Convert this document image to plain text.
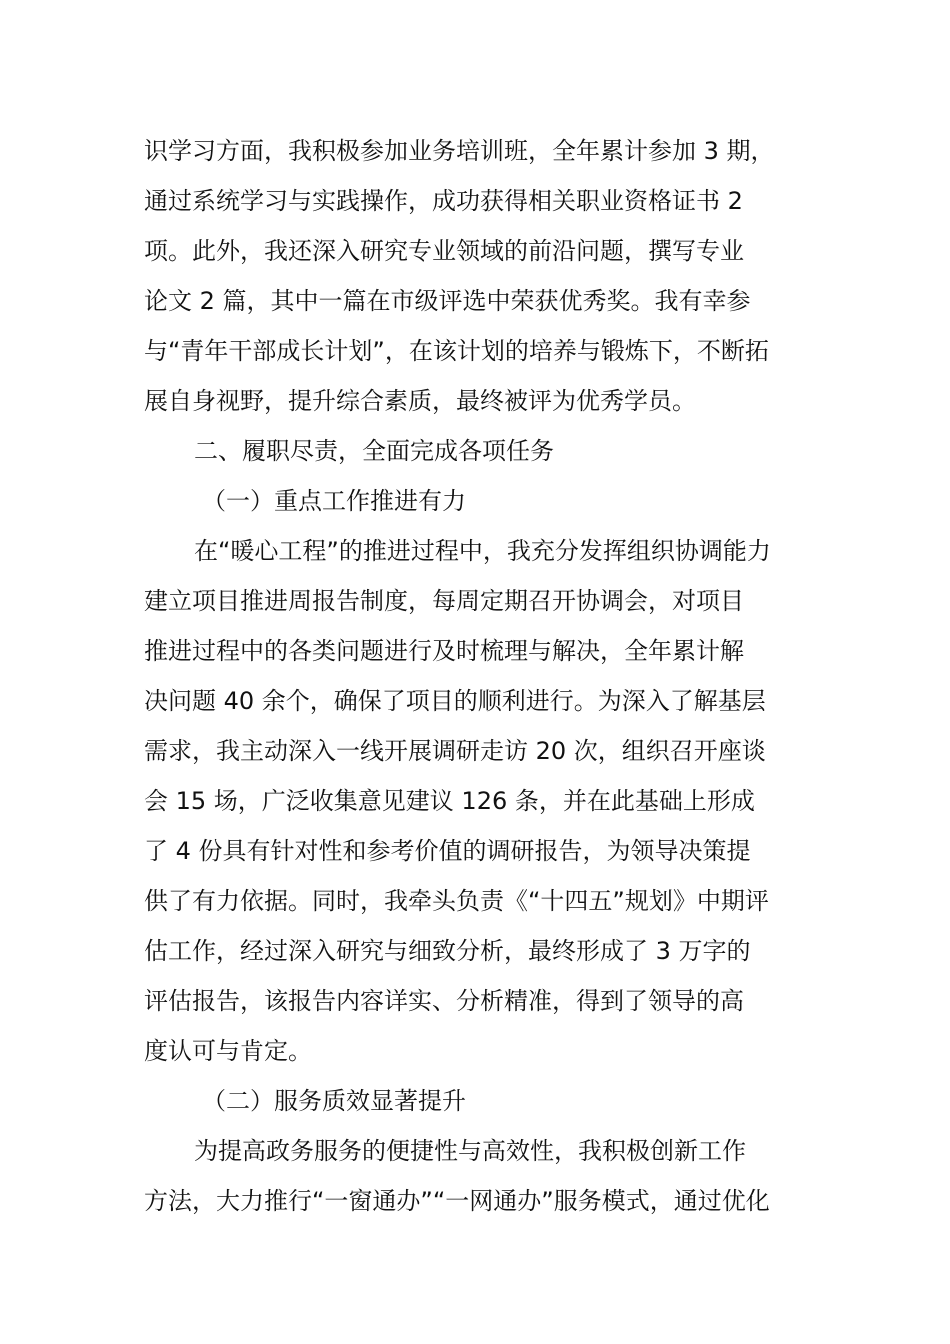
识学习方面，我积极参加业务培训班，全年累计参加 3 期，
通过系统学习与实践操作，成功获得相关职业资格证书 2
项。此外，我还深入研究专业领域的前沿问题，撰写专业
论文 2 篇，其中一篇在市级评选中荣获优秀奖。我有幸参
与“青年干部成长计划”，在该计划的培养与锻炼下，不断拓
展自身视野，提升综合素质，最终被评为优秀学员。
二、履职尽责，全面完成各项任务
（一）重点工作推进有力
在“暖心工程”的推进过程中，我充分发挥组织协调能力
建立项目推进周报告制度，每周定期召开协调会，对项目
推进过程中的各类问题进行及时梳理与解决，全年累计解
决问题 40 余个，确保了项目的顺利进行。为深入了解基层
需求，我主动深入一线开展调研走访 20 次，组织召开座谈
会 15 场，广泛收集意见建议 126 条，并在此基础上形成
了 4 份具有针对性和参考价值的调研报告，为领导决策提
供了有力依据。同时，我牵头负责《“十四五”规划》中期评
估工作，经过深入研究与细致分析，最终形成了 3 万字的
评估报告，该报告内容详实、分析精准，得到了领导的高
度认可与肯定。
（二）服务质效显著提升
为提高政务服务的便捷性与高效性，我积极创新工作
方法，大力推行“一窗通办”“一网通办”服务模式，通过优化
